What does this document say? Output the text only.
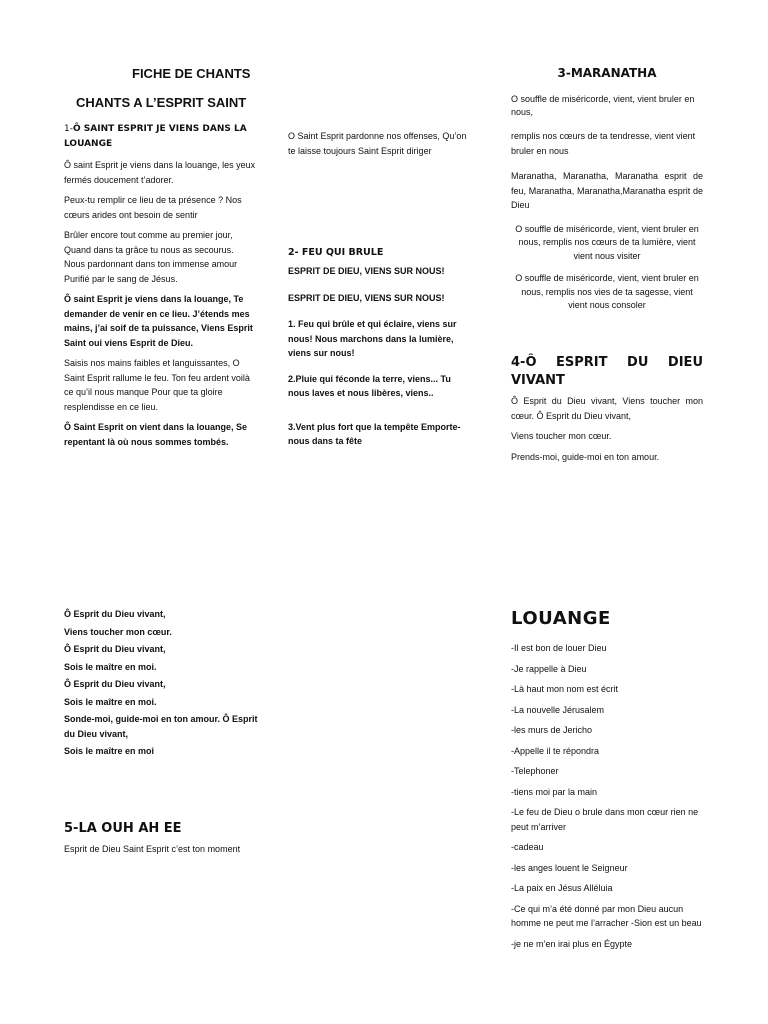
FICHE DE CHANTS

CHANTS A L’ESPRIT SAINT

1-Ô SAINT ESPRIT JE VIENS DANS LA LOUANGE

Ô saint Esprit je viens dans la louange, les yeux fermés doucement t’adorer.

Peux-tu remplir ce lieu de ta présence ? Nos cœurs arides ont besoin de sentir

Brûler encore tout comme au premier jour, Quand dans ta grâce tu nous as secourus. Nous pardonnant dans ton immense amour Purifié par le sang de Jésus.

Ô saint Esprit je viens dans la louange, Te demander de venir en ce lieu. J’étends mes mains, j’ai soif de ta puissance, Viens Esprit Saint oui viens Esprit de Dieu.

Saisis nos mains faibles et languissantes, O Saint Esprit rallume le feu. Ton feu ardent voilà ce qu’il nous manque Pour que ta gloire resplendisse en ce lieu.

Ô Saint Esprit on vient dans la louange, Se repentant là où nous sommes tombés.

O Saint Esprit pardonne nos offenses, Qu’on te laisse toujours Saint Esprit diriger

2- FEU QUI BRULE

ESPRIT DE DIEU, VIENS SUR NOUS!

ESPRIT DE DIEU, VIENS SUR NOUS!

1. Feu qui brûle et qui éclaire, viens sur nous! Nous marchons dans la lumière, viens sur nous!

2.Pluie qui féconde la terre, viens... Tu nous laves et nous libères, viens..

3.Vent plus fort que la tempête Emporte-nous dans ta fête

3-MARANATHA

O souffle de miséricorde, vient, vient bruler en nous,

remplis nos cœurs de ta tendresse, vient vient bruler en nous

Maranatha, Maranatha, Maranatha esprit de feu, Maranatha, Maranatha,Maranatha esprit de Dieu

O souffle de miséricorde, vient, vient bruler en nous, remplis nos cœurs de ta lumière, vient vient nous visiter

O souffle de miséricorde, vient, vient bruler en nous, remplis nos vies de ta sagesse, vient vient nous consoler

4-Ô ESPRIT DU DIEU VIVANT

Ô Esprit du Dieu vivant, Viens toucher mon cœur. Ô Esprit du Dieu vivant,

Viens toucher mon cœur.

Prends-moi, guide-moi en ton amour.

Ô Esprit du Dieu vivant,
Viens toucher mon cœur.
Ô Esprit du Dieu vivant,
Sois le maître en moi.
Ô Esprit du Dieu vivant,
Sois le maître en moi.
Sonde-moi, guide-moi en ton amour. Ô Esprit du Dieu vivant,
Sois le maître en moi

5-LA OUH AH EE

Esprit de Dieu Saint Esprit c’est ton moment

LOUANGE

-Il est bon de louer Dieu

-Je rappelle à Dieu

-Là haut mon nom est écrit

-La nouvelle Jérusalem

-les murs de Jericho

-Appelle il te répondra

-Telephoner

-tiens moi par la main

-Le feu de Dieu o brule dans mon cœur rien ne peut m’arriver

-cadeau

-les anges louent le Seigneur

-La paix en Jésus Alléluia

-Ce qui m’a été donné par mon Dieu aucun homme ne peut me l’arracher -Sion est un beau

-je ne m’en irai plus en Égypte
